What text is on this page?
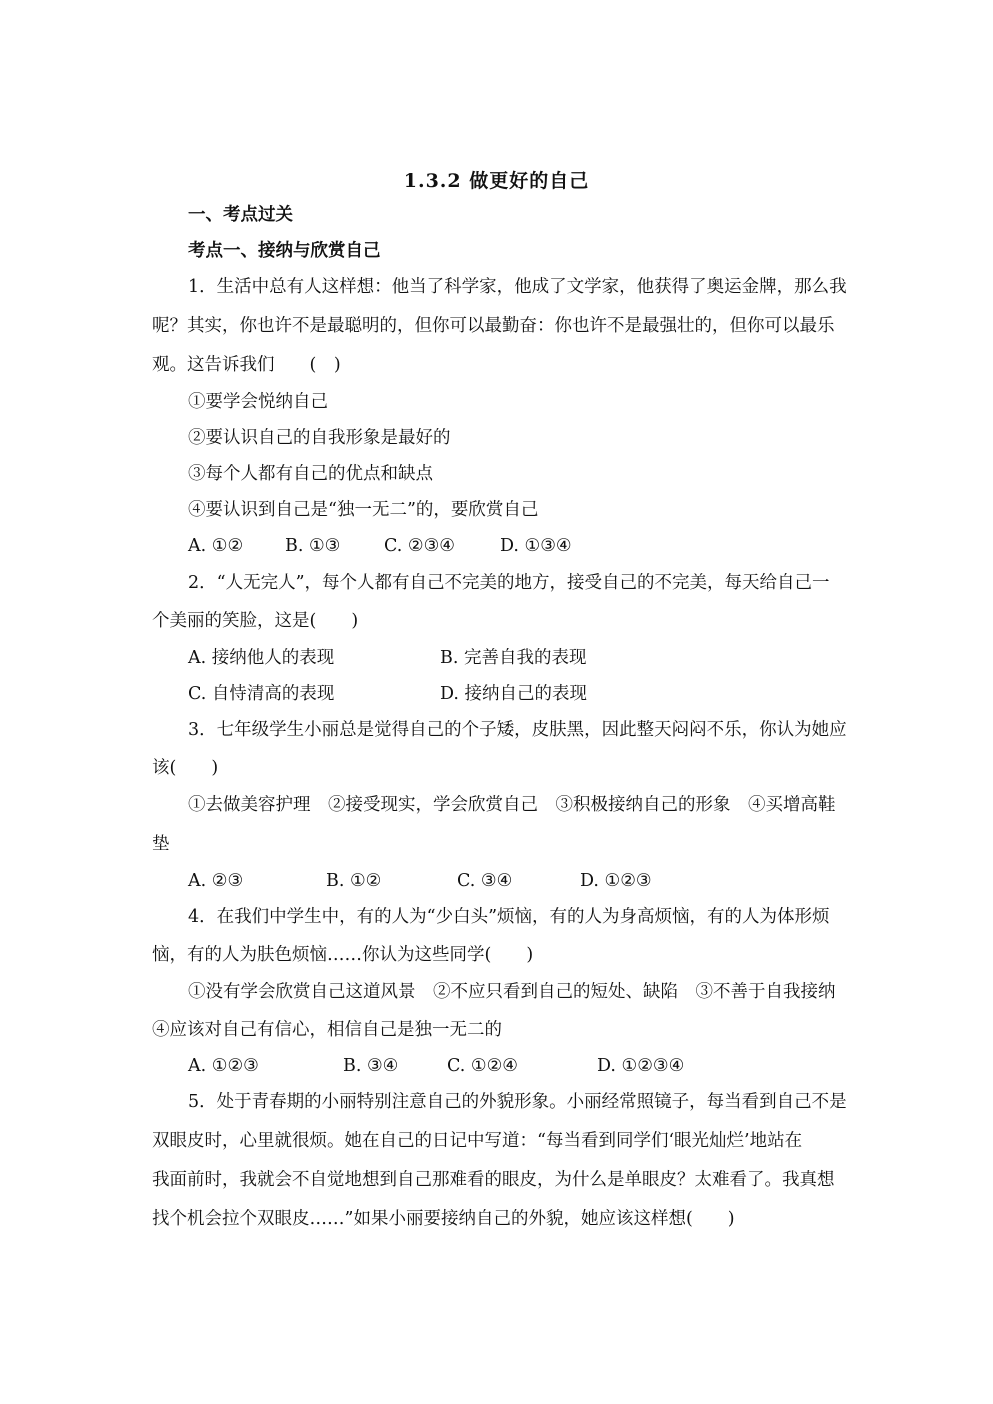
1.3.2 做更好的自己
一、考点过关
考点一、接纳与欣赏自己
1．生活中总有人这样想：他当了科学家，他成了文学家，他获得了奥运金牌，那么我
呢？其实，你也许不是最聪明的，但你可以最勤奋：你也许不是最强壮的，但你可以最乐
观。这告诉我们　　(　)
①要学会悦纳自己
②要认识自己的自我形象是最好的
③每个人都有自己的优点和缺点
④要认识到自己是“独一无二”的，要欣赏自己
A. ①② B. ①③ C. ②③④	D. ①③④
2．“人无完人”，每个人都有自己不完美的地方，接受自己的不完美，每天给自己一
个美丽的笑脸，这是(　　)
A. 接纳他人的表现	B. 完善自我的表现
C. 自恃清高的表现	D. 接纳自己的表现
3．七年级学生小丽总是觉得自己的个子矮，皮肤黑，因此整天闷闷不乐，你认为她应
该(　　)
①去做美容护理　②接受现实，学会欣赏自己　③积极接纳自己的形象　④买增高鞋
垫
A. ②③	B. ①②	C. ③④	D. ①②③
4．在我们中学生中，有的人为“少白头”烦恼，有的人为身高烦恼，有的人为体形烦
恼，有的人为肤色烦恼……你认为这些同学(　　)
①没有学会欣赏自己这道风景　②不应只看到自己的短处、缺陷　③不善于自我接纳
④应该对自己有信心，相信自己是独一无二的
A. ①②③	B. ③④	C. ①②④	D. ①②③④
5．处于青春期的小丽特别注意自己的外貌形象。小丽经常照镜子，每当看到自己不是
双眼皮时，心里就很烦。她在自己的日记中写道：“每当看到同学们‘眼光灿烂’地站在
我面前时，我就会不自觉地想到自己那难看的眼皮，为什么是单眼皮？太难看了。我真想
找个机会拉个双眼皮……”如果小丽要接纳自己的外貌，她应该这样想(　　)
